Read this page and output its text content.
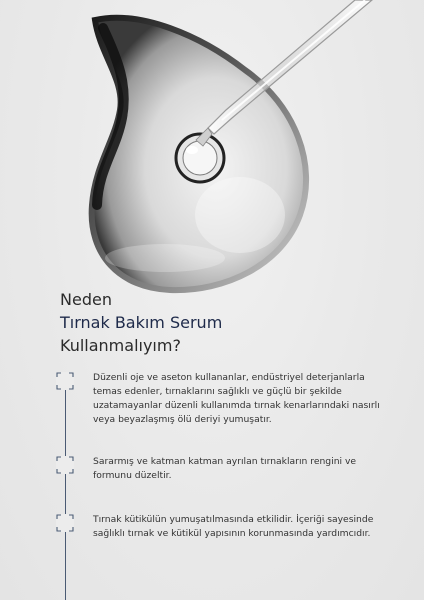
Neden
Tırnak Bakım Serum
Kullanmalıyım?
Düzenli oje ve aseton kullananlar, endüstriyel deterjanlarla
temas edenler, tırnaklarını sağlıklı ve güçlü bir şekilde
uzatamayanlar düzenli kullanımda tırnak kenarlarındaki nasırlı
veya beyazlaşmış ölü deriyi yumuşatır.
Sararmış ve katman katman ayrılan tırnakların rengini ve
formunu düzeltir.
Tırnak kütikülün yumuşatılmasında etkilidir. İçeriği sayesinde
sağlıklı tırnak ve kütikül yapısının korunmasında yardımcıdır.
